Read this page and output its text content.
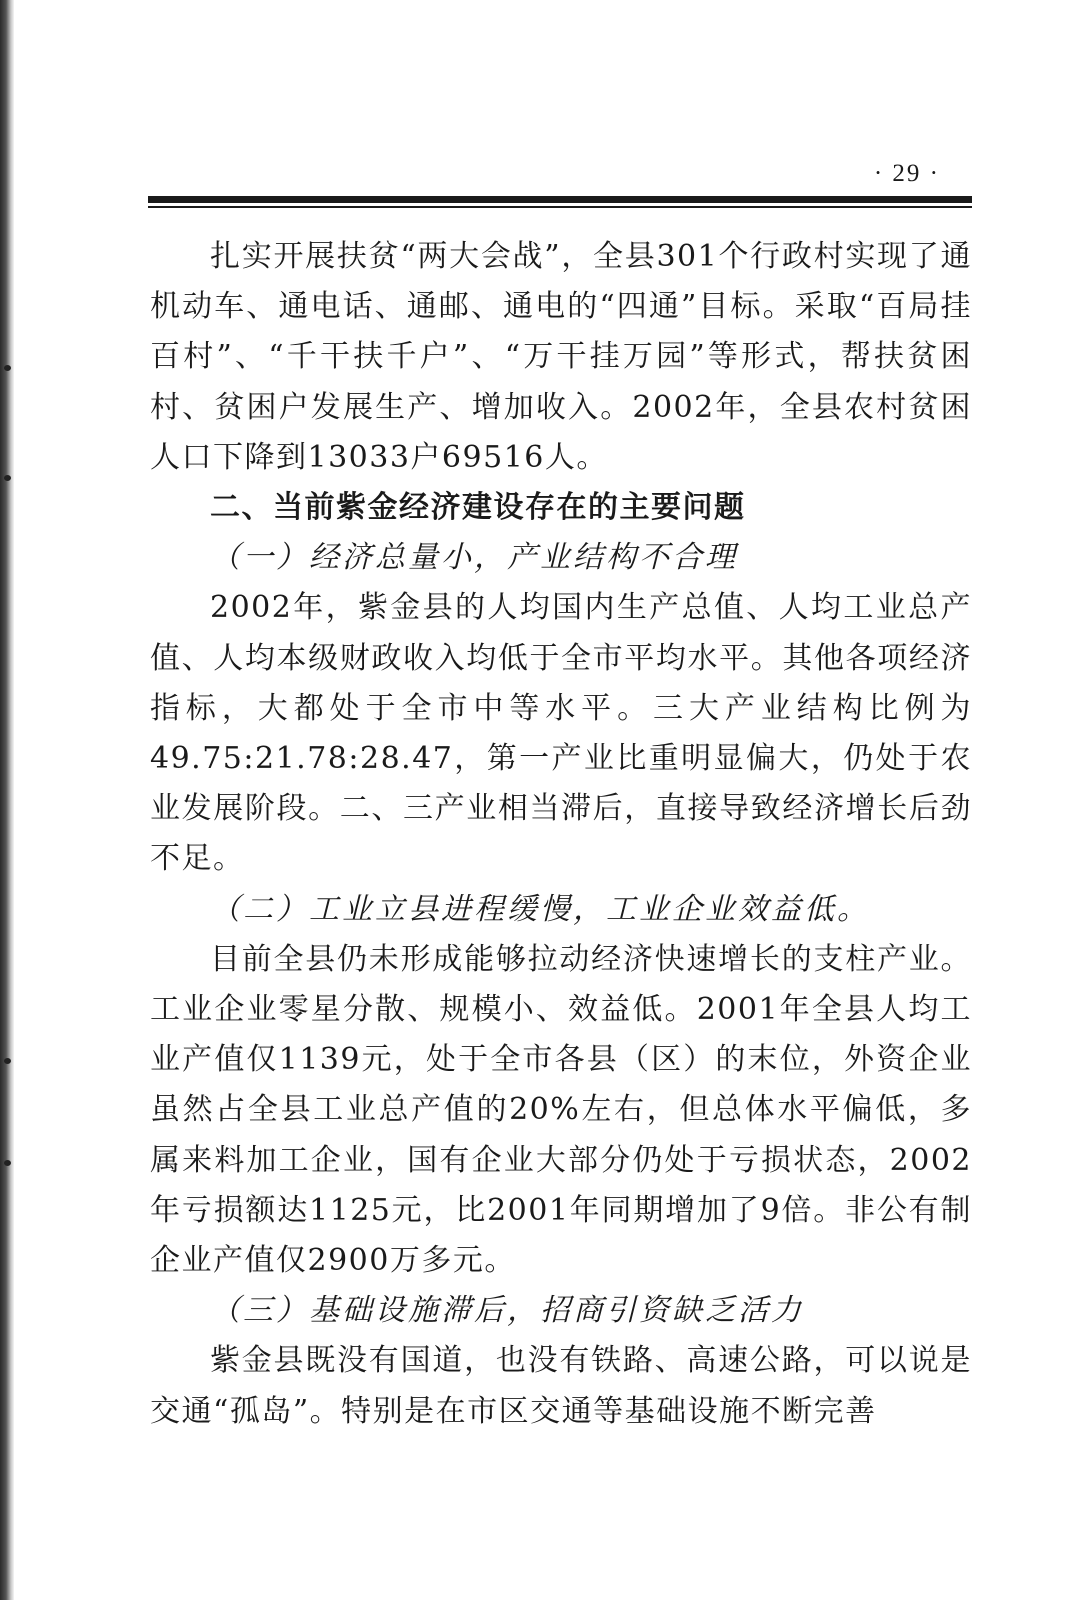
· 29 ·

扎实开展扶贫“两大会战”，全县301个行政村实现了通机动车、通电话、通邮、通电的“四通”目标。采取“百局挂百村”、“千干扶千户”、“万干挂万园”等形式，帮扶贫困村、贫困户发展生产、增加收入。2002年，全县农村贫困人口下降到13033户69516人。

二、当前紫金经济建设存在的主要问题

（一）经济总量小，产业结构不合理

2002年，紫金县的人均国内生产总值、人均工业总产值、人均本级财政收入均低于全市平均水平。其他各项经济指标，大都处于全市中等水平。三大产业结构比例为49.75:21.78:28.47，第一产业比重明显偏大，仍处于农业发展阶段。二、三产业相当滞后，直接导致经济增长后劲不足。

（二）工业立县进程缓慢，工业企业效益低。

目前全县仍未形成能够拉动经济快速增长的支柱产业。工业企业零星分散、规模小、效益低。2001年全县人均工业产值仅1139元，处于全市各县（区）的末位，外资企业虽然占全县工业总产值的20%左右，但总体水平偏低，多属来料加工企业，国有企业大部分仍处于亏损状态，2002年亏损额达1125元，比2001年同期增加了9倍。非公有制企业产值仅2900万多元。

（三）基础设施滞后，招商引资缺乏活力

紫金县既没有国道，也没有铁路、高速公路，可以说是交通“孤岛”。特别是在市区交通等基础设施不断完善
